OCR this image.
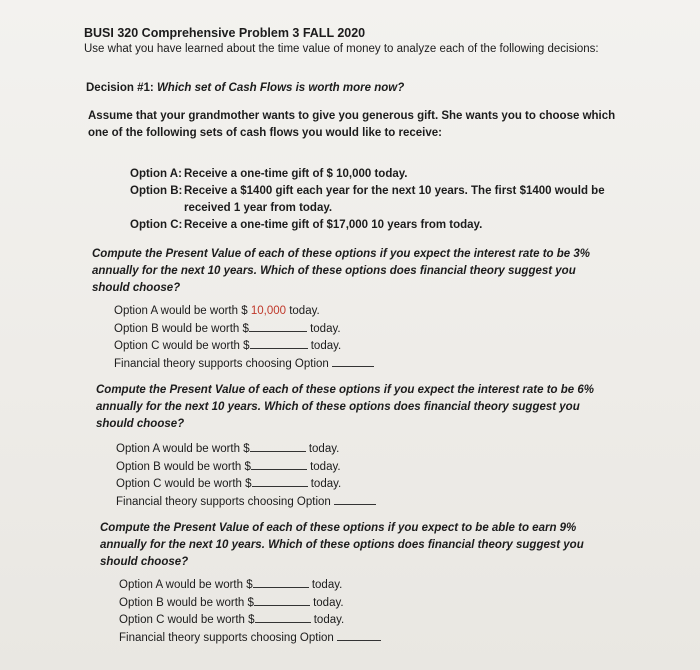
BUSI 320 Comprehensive Problem 3 FALL 2020
Use what you have learned about the time value of money to analyze each of the following decisions:
Decision #1: Which set of Cash Flows is worth more now?
Assume that your grandmother wants to give you generous gift. She wants you to choose which one of the following sets of cash flows you would like to receive:
Option A: Receive a one-time gift of $ 10,000 today.
Option B: Receive a $1400 gift each year for the next 10 years. The first $1400 would be received 1 year from today.
Option C: Receive a one-time gift of $17,000 10 years from today.
Compute the Present Value of each of these options if you expect the interest rate to be 3% annually for the next 10 years. Which of these options does financial theory suggest you should choose?
Option A would be worth $ 10,000 today.
Option B would be worth $	today.
Option C would be worth $	today.
Financial theory supports choosing Option
Compute the Present Value of each of these options if you expect the interest rate to be 6% annually for the next 10 years. Which of these options does financial theory suggest you should choose?
Option A would be worth $	today.
Option B would be worth $	today.
Option C would be worth $	today.
Financial theory supports choosing Option
Compute the Present Value of each of these options if you expect to be able to earn 9% annually for the next 10 years. Which of these options does financial theory suggest you should choose?
Option A would be worth $	today.
Option B would be worth $	today.
Option C would be worth $	today.
Financial theory supports choosing Option
